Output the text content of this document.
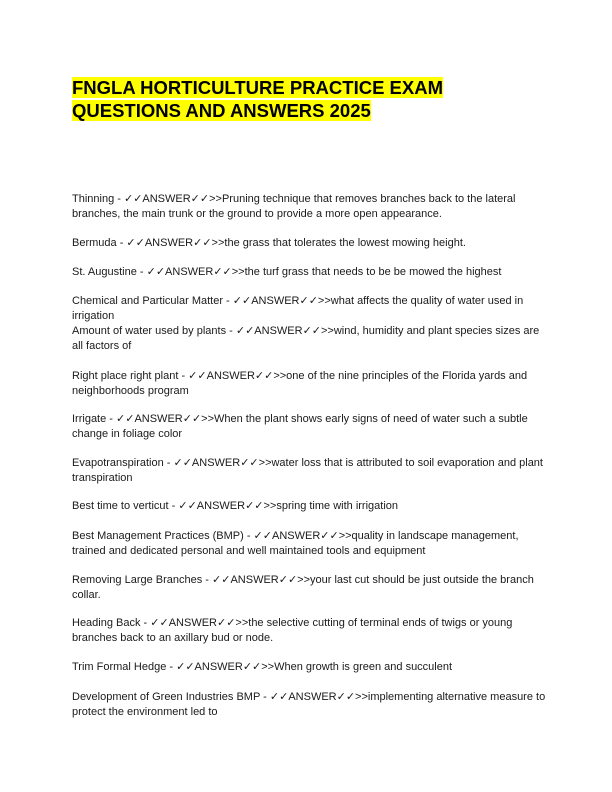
FNGLA HORTICULTURE PRACTICE EXAM QUESTIONS AND ANSWERS 2025

Thinning - ✓✓ANSWER✓✓>>Pruning technique that removes branches back to the lateral branches, the main trunk or the ground to provide a more open appearance.

Bermuda - ✓✓ANSWER✓✓>>the grass that tolerates the lowest mowing height.

St. Augustine - ✓✓ANSWER✓✓>>the turf grass that needs to be be mowed the highest

Chemical and Particular Matter - ✓✓ANSWER✓✓>>what affects the quality of water used in irrigation

Amount of water used by plants - ✓✓ANSWER✓✓>>wind, humidity and plant species sizes are all factors of

Right place right plant - ✓✓ANSWER✓✓>>one of the nine principles of the Florida yards and neighborhoods program

Irrigate - ✓✓ANSWER✓✓>>When the plant shows early signs of need of water such a subtle change in foliage color

Evapotranspiration - ✓✓ANSWER✓✓>>water loss that is attributed to soil evaporation and plant transpiration

Best time to verticut - ✓✓ANSWER✓✓>>spring time with irrigation

Best Management Practices (BMP) - ✓✓ANSWER✓✓>>quality in landscape management, trained and dedicated personal and well maintained tools and equipment

Removing Large Branches - ✓✓ANSWER✓✓>>your last cut should be just outside the branch collar.

Heading Back - ✓✓ANSWER✓✓>>the selective cutting of terminal ends of twigs or young branches back to an axillary bud or node.

Trim Formal Hedge - ✓✓ANSWER✓✓>>When growth is green and succulent

Development of Green Industries BMP - ✓✓ANSWER✓✓>>implementing alternative measure to protect the environment led to
